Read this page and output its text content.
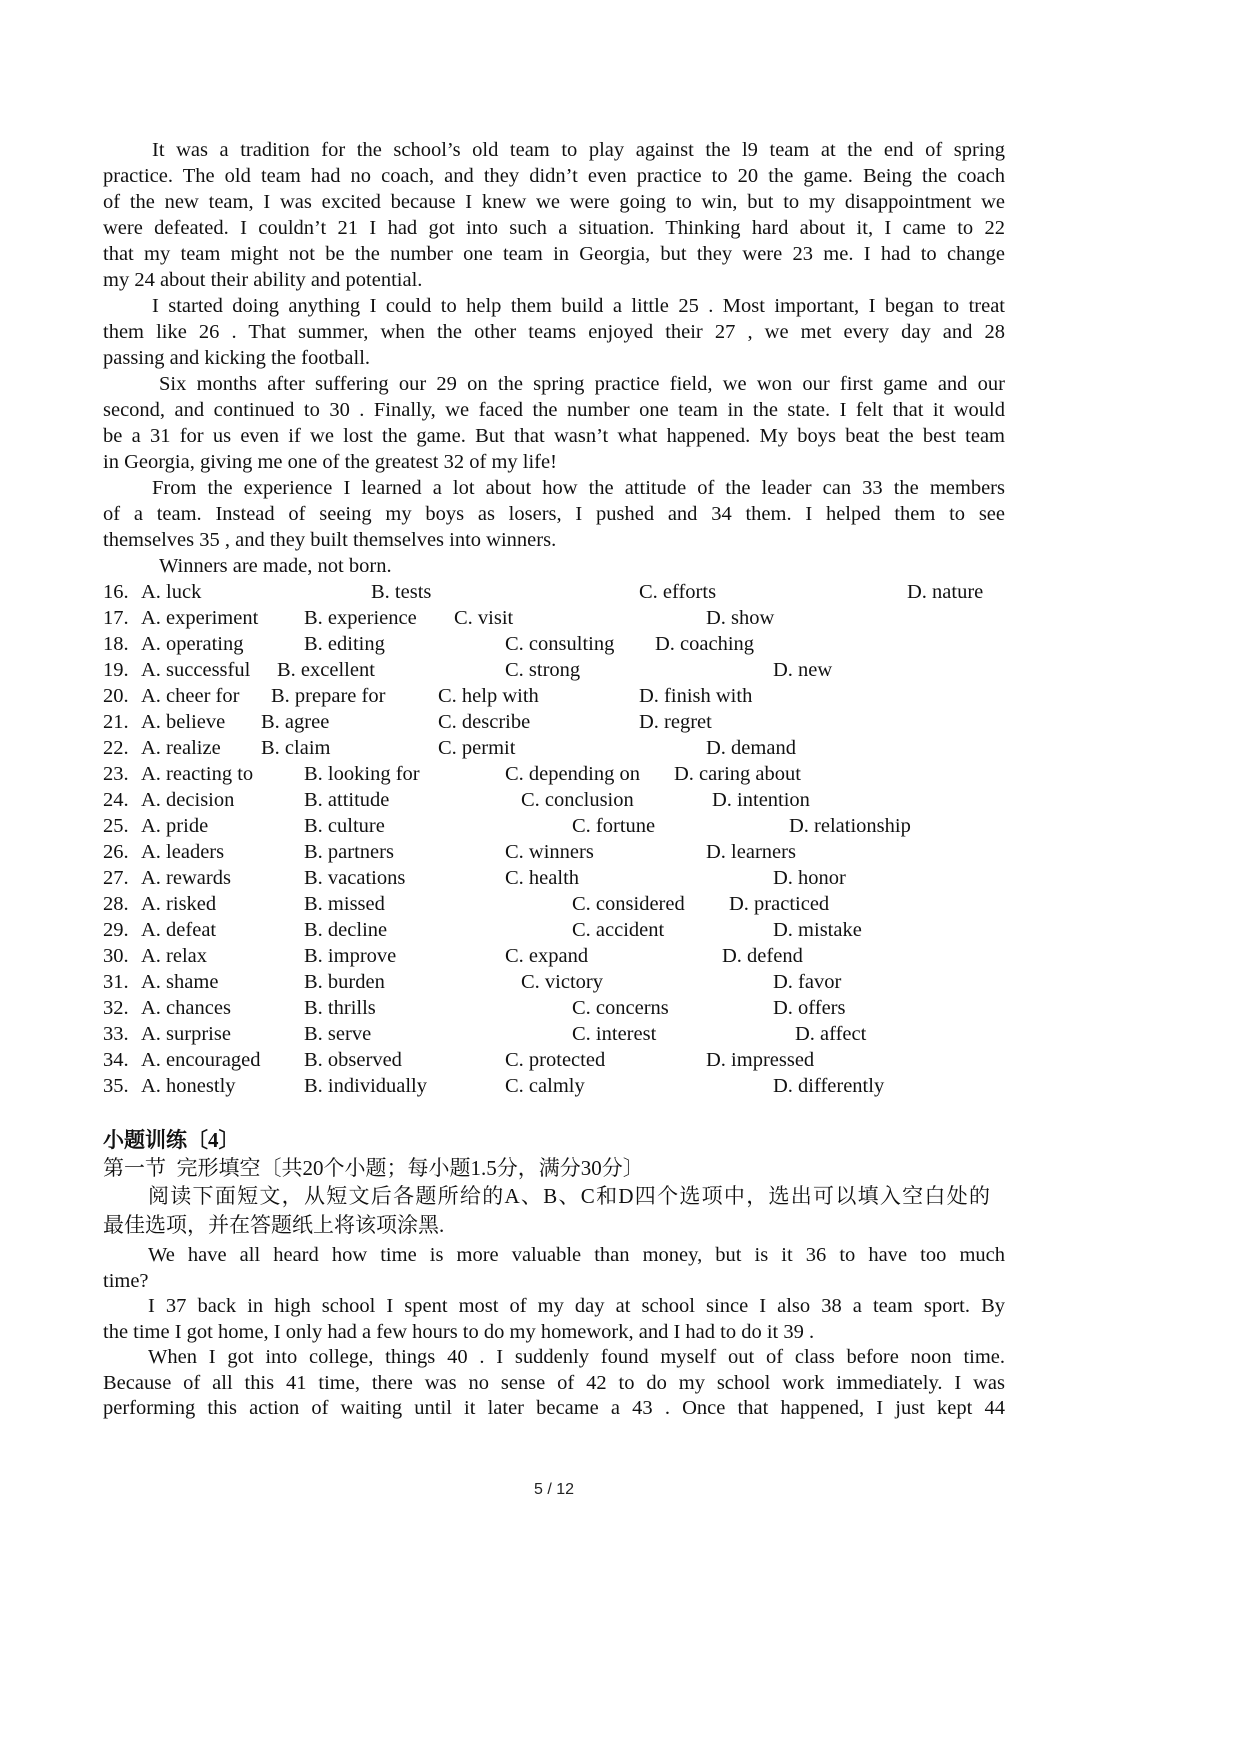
It was a tradition for the school’s old team to play against the l9 team at the end of spring
practice. The old team had no coach, and they didn’t even practice to 20 the game. Being the coach
of the new team, I was excited because I knew we were going to win, but to my disappointment we
were defeated. I couldn’t 21 I had got into such a situation. Thinking hard about it, I came to 22
that my team might not be the number one team in Georgia, but they were 23 me. I had to change
my 24 about their ability and potential.
I started doing anything I could to help them build a little 25 . Most important, I began to treat
them like 26 . That summer, when the other teams enjoyed their 27 , we met every day and 28
passing and kicking the football.
Six months after suffering our 29 on the spring practice field, we won our first game and our
second, and continued to 30 . Finally, we faced the number one team in the state. I felt that it would
be a 31 for us even if we lost the game. But that wasn’t what happened. My boys beat the best team
in Georgia, giving me one of the greatest 32 of my life!
From the experience I learned a lot about how the attitude of the leader can 33 the members
of a team. Instead of seeing my boys as losers, I pushed and 34 them. I helped them to see
themselves 35 , and they built themselves into winners.
Winners are made, not born.
16. A. luck	B. tests	C. efforts	D. nature
17. A. experiment B. experience C. visit	D. show
18. A. operating	B. editing	C. consulting D. coaching
19. A. successful B. excellent	C. strong	D. new
20. A. cheer for B. prepare for	C. help with	D. finish with
21. A. believe B. agree	C. describe	D. regret
22. A. realize B. claim	C. permit	D. demand
23. A. reacting to B. looking for	C. depending on D. caring about
24. A. decision	B. attitude	C. conclusion	D. intention
25. A. pride	B. culture	C. fortune	D. relationship
26. A. leaders	B. partners	C. winners	D. learners
27. A. rewards	B. vacations	C. health	D. honor
28. A. risked	B. missed	C. considered D. practiced
29. A. defeat	B. decline	C. accident	D. mistake
30. A. relax	B. improve	C. expand	D. defend
31. A. shame	B. burden	C. victory	D. favor
32. A. chances	B. thrills	C. concerns	D. offers
33. A. surprise	B. serve	C. interest	D. affect
34. A. encouraged B. observed	C. protected	D. impressed
35. A. honestly	B. individually	C. calmly	D. differently
小题训练〔4〕
第一节  完形填空〔共20个小题；每小题1.5分，满分30分〕
阅读下面短文，从短文后各题所给的A、B、C和D四个选项中，选出可以填入空白处的
最佳选项，并在答题纸上将该项涂黑.
We have all heard how time is more valuable than money, but is it 36 to have too much
time?
I 37 back in high school I spent most of my day at school since I also 38 a team sport. By
the time I got home, I only had a few hours to do my homework, and I had to do it 39 .
When I got into college, things 40 . I suddenly found myself out of class before noon time.
Because of all this 41 time, there was no sense of 42 to do my school work immediately. I was
performing this action of waiting until it later became a 43 . Once that happened, I just kept 44
5 / 12
